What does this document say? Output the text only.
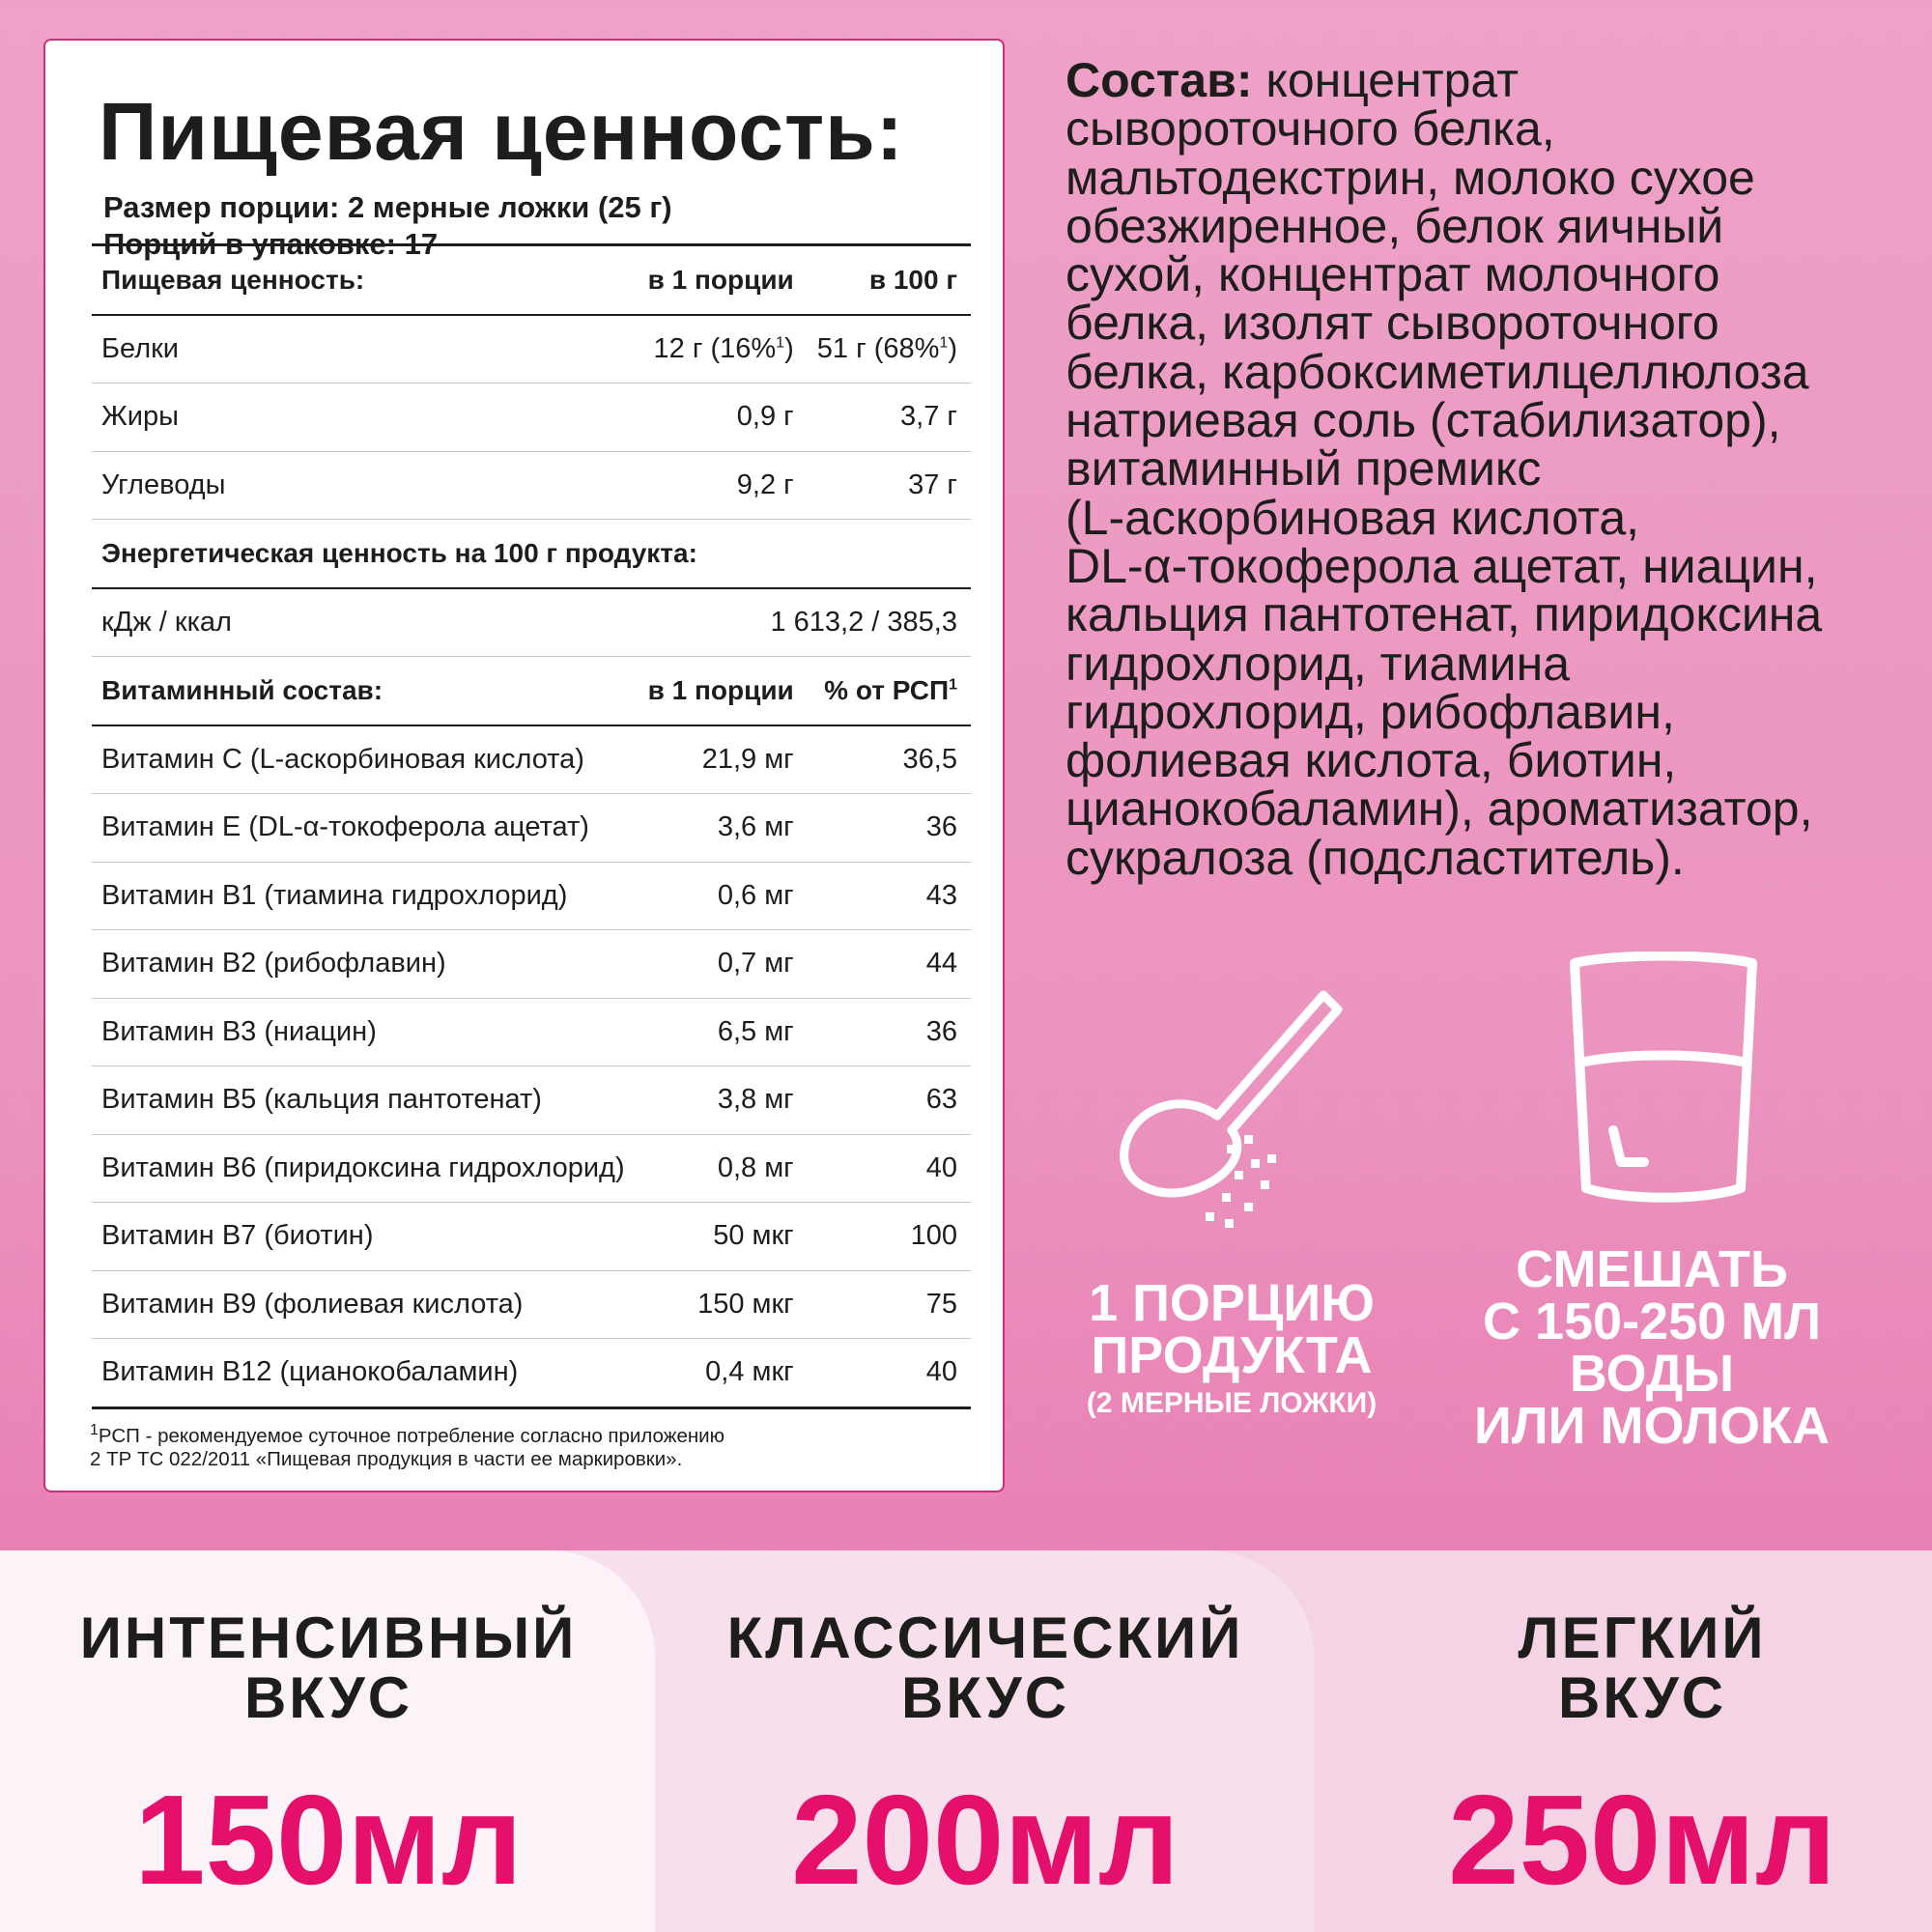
Пищевая ценность:
Размер порции: 2 мерные ложки (25 г)
Порций в упаковке: 17
Пищевая ценность:	в 1 порции	в 100 г
Белки	12 г (16%$^1$)	51 г (68%$^1$)
Жиры	0,9 г	3,7 г
Углеводы	9,2 г	37 г
Энергетическая ценность на 100 г продукта:		
кДж / ккал	1 613,2 / 385,3	
Витаминный состав:	в 1 порции	% от РСП$^1$
Витамин С (L-аскорбиновая кислота)	21,9 мг	36,5
Витамин Е (DL-α-токоферола ацетат)	3,6 мг	36
Витамин В1 (тиамина гидрохлорид)	0,6 мг	43
Витамин В2 (рибофлавин)	0,7 мг	44
Витамин В3 (ниацин)	6,5 мг	36
Витамин В5 (кальция пантотенат)	3,8 мг	63
Витамин В6 (пиридоксина гидрохлорид)	0,8 мг	40
Витамин В7 (биотин)	50 мкг	100
Витамин В9 (фолиевая кислота)	150 мкг	75
Витамин В12 (цианокобаламин)	0,4 мкг	40
$^1$РСП - рекомендуемое суточное потребление согласно приложению
2 ТР ТС 022/2011 «Пищевая продукция в части ее маркировки».
Состав: концентрат
сывороточного белка,
мальтодекстрин, молоко сухое
обезжиренное, белок яичный
сухой, концентрат молочного
белка, изолят сывороточного
белка, карбоксиметилцеллюлоза
натриевая соль (стабилизатор),
витаминный премикс
(L-аскорбиновая кислота,
DL-α-токоферола ацетат, ниацин,
кальция пантотенат, пиридоксина
гидрохлорид, тиамина
гидрохлорид, рибофлавин,
фолиевая кислота, биотин,
цианокобаламин), ароматизатор,
сукралоза (подсластитель).
1 ПОРЦИЮ
ПРОДУКТА
(2 МЕРНЫЕ ЛОЖКИ)
СМЕШАТЬ
С 150-250 МЛ
ВОДЫ
ИЛИ МОЛОКА
ИНТЕНСИВНЫЙ
ВКУС
150мл
КЛАССИЧЕСКИЙ
ВКУС
200мл
ЛЕГКИЙ
ВКУС
250мл
